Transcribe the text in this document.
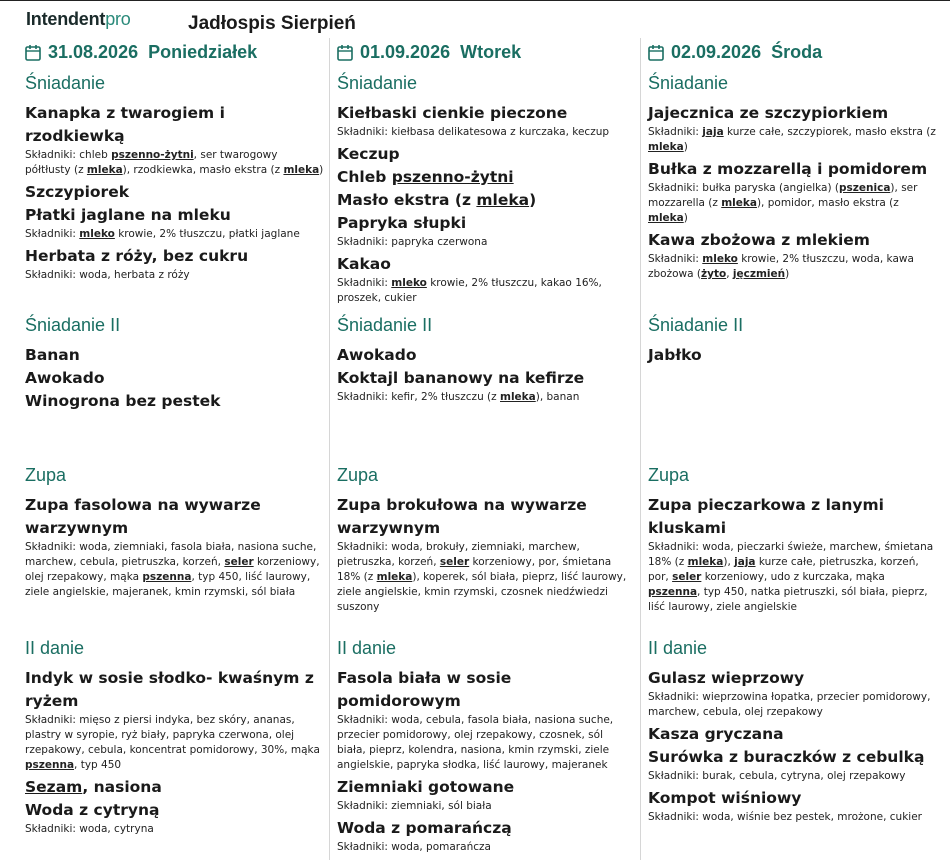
Intendentpro	Jadłospis Sierpień
31.08.2026 Poniedziałek
Śniadanie
Kanapka z twarogiem i rzodkiewką
Składniki: chleb pszenno-żytni, ser twarogowy półtłusty (z mleka), rzodkiewka, masło ekstra (z mleka)
Szczypiorek
Płatki jaglane na mleku
Składniki: mleko krowie, 2% tłuszczu, płatki jaglane
Herbata z róży, bez cukru
Składniki: woda, herbata z róży
Śniadanie II
Banan
Awokado
Winogrona bez pestek
Zupa
Zupa fasolowa na wywarze warzywnym
Składniki: woda, ziemniaki, fasola biała, nasiona suche, marchew, cebula, pietruszka, korzeń, seler korzeniowy, olej rzepakowy, mąka pszenna, typ 450, liść laurowy, ziele angielskie, majeranek, kmin rzymski, sól biała
II danie
Indyk w sosie słodko- kwaśnym z ryżem
Składniki: mięso z piersi indyka, bez skóry, ananas, plastry w syropie, ryż biały, papryka czerwona, olej rzepakowy, cebula, koncentrat pomidorowy, 30%, mąka pszenna, typ 450
Sezam, nasiona
Woda z cytryną
Składniki: woda, cytryna
01.09.2026 Wtorek
Śniadanie
Kiełbaski cienkie pieczone
Składniki: kiełbasa delikatesowa z kurczaka, keczup
Keczup
Chleb pszenno-żytni
Masło ekstra (z mleka)
Papryka słupki
Składniki: papryka czerwona
Kakao
Składniki: mleko krowie, 2% tłuszczu, kakao 16%, proszek, cukier
Śniadanie II
Awokado
Koktajl bananowy na kefirze
Składniki: kefir, 2% tłuszczu (z mleka), banan
Zupa
Zupa brokułowa na wywarze warzywnym
Składniki: woda, brokuły, ziemniaki, marchew, pietruszka, korzeń, seler korzeniowy, por, śmietana 18% (z mleka), koperek, sól biała, pieprz, liść laurowy, ziele angielskie, kmin rzymski, czosnek niedźwiedzi suszony
II danie
Fasola biała w sosie pomidorowym
Składniki: woda, cebula, fasola biała, nasiona suche, przecier pomidorowy, olej rzepakowy, czosnek, sól biała, pieprz, kolendra, nasiona, kmin rzymski, ziele angielskie, papryka słodka, liść laurowy, majeranek
Ziemniaki gotowane
Składniki: ziemniaki, sól biała
Woda z pomarańczą
Składniki: woda, pomarańcza
02.09.2026 Środa
Śniadanie
Jajecznica ze szczypiorkiem
Składniki: jaja kurze całe, szczypiorek, masło ekstra (z mleka)
Bułka z mozzarellą i pomidorem
Składniki: bułka paryska (angielka) (pszenica), ser mozzarella (z mleka), pomidor, masło ekstra (z mleka)
Kawa zbożowa z mlekiem
Składniki: mleko krowie, 2% tłuszczu, woda, kawa zbożowa (żyto, jęczmień)
Śniadanie II
Jabłko
Zupa
Zupa pieczarkowa z lanymi kluskami
Składniki: woda, pieczarki świeże, marchew, śmietana 18% (z mleka), jaja kurze całe, pietruszka, korzeń, por, seler korzeniowy, udo z kurczaka, mąka pszenna, typ 450, natka pietruszki, sól biała, pieprz, liść laurowy, ziele angielskie
II danie
Gulasz wieprzowy
Składniki: wieprzowina łopatka, przecier pomidorowy, marchew, cebula, olej rzepakowy
Kasza gryczana
Surówka z buraczków z cebulką
Składniki: burak, cebula, cytryna, olej rzepakowy
Kompot wiśniowy
Składniki: woda, wiśnie bez pestek, mrożone, cukier
